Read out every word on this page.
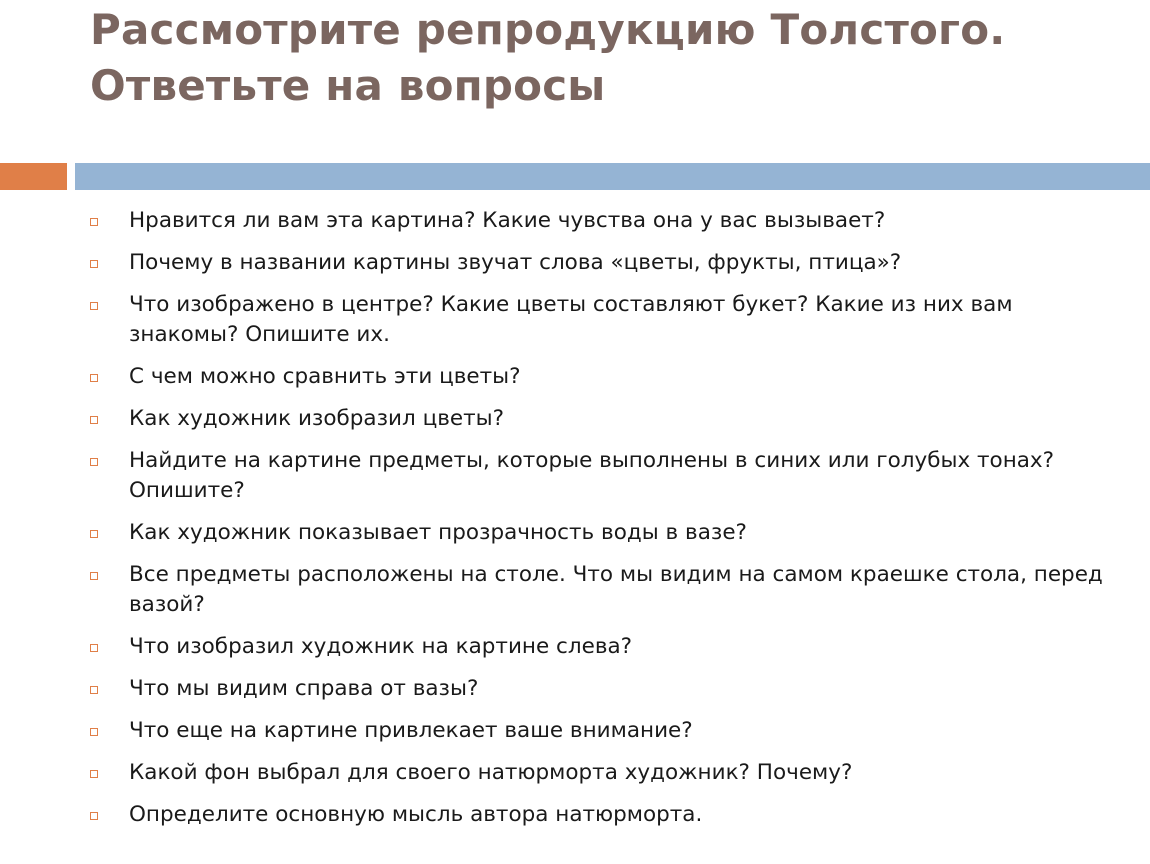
Рассмотрите репродукцию Толстого.
Ответьте на вопросы
Нравится ли вам эта картина? Какие чувства она у вас вызывает?
Почему в названии картины звучат слова «цветы, фрукты, птица»?
Что изображено в центре? Какие цветы составляют букет? Какие из них вам знакомы? Опишите их.
С чем можно сравнить эти цветы?
Как художник изобразил цветы?
Найдите на картине предметы, которые выполнены в синих или голубых тонах? Опишите?
Как художник показывает прозрачность воды в вазе?
Все предметы расположены на столе. Что мы видим на самом краешке стола, перед вазой?
Что изобразил художник на картине слева?
Что мы видим справа от вазы?
Что еще на картине привлекает ваше внимание?
Какой фон выбрал для своего натюрморта художник? Почему?
Определите основную мысль автора натюрморта.
